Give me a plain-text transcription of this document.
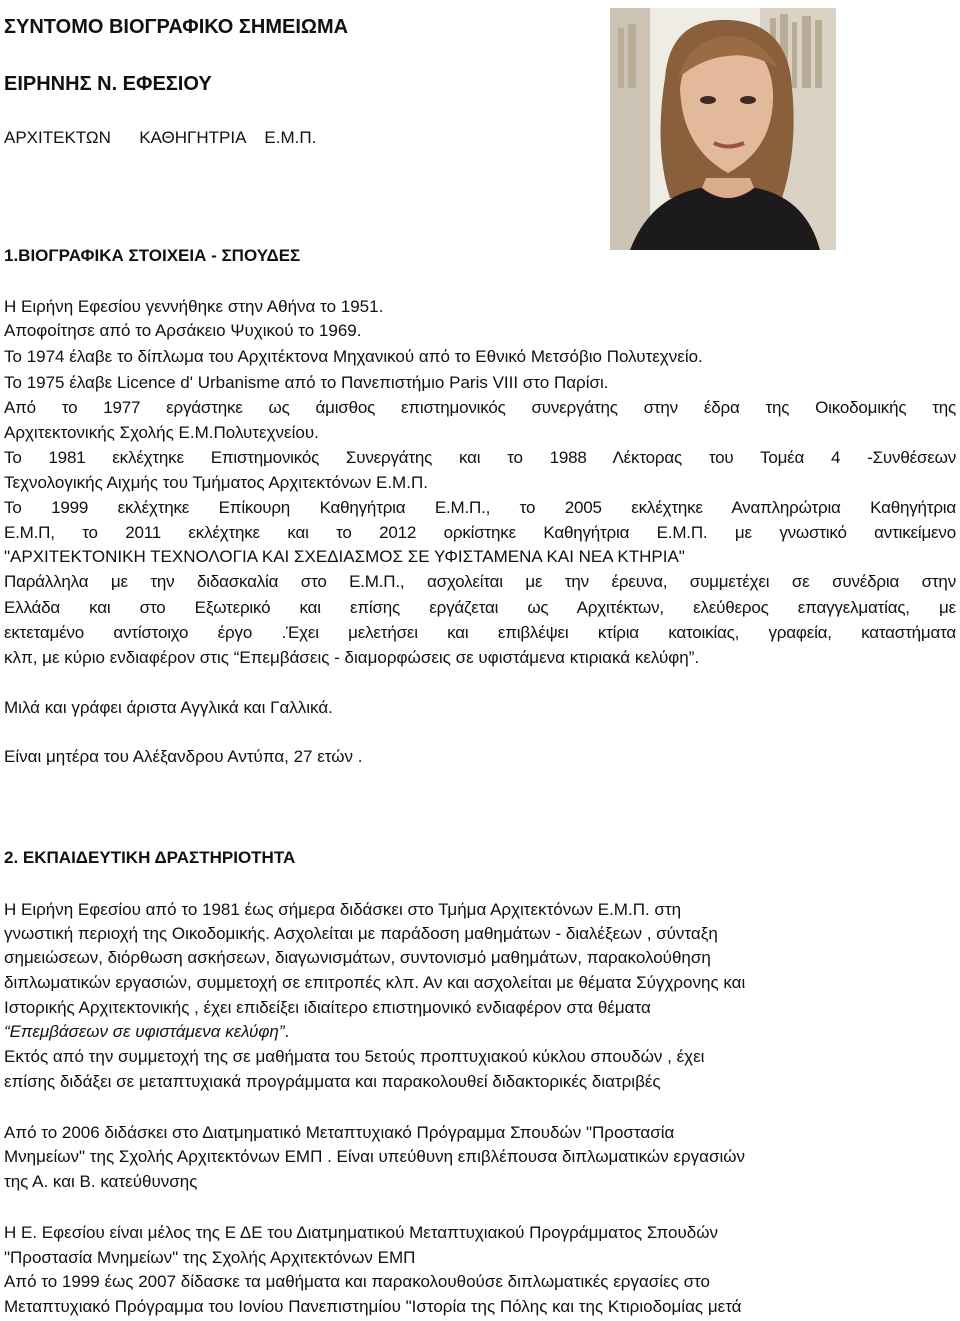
ΣΥΝΤΟΜΟ ΒΙΟΓΡΑΦΙΚΟ ΣΗΜΕΙΩΜΑ
ΕΙΡΗΝΗΣ Ν. ΕΦΕΣΙΟΥ
ΑΡΧΙΤΕΚΤΩΝ      ΚΑΘΗΓΗΤΡΙΑ    Ε.Μ.Π.
1.ΒΙΟΓΡΑΦΙΚΑ ΣΤΟΙΧΕΙΑ - ΣΠΟΥΔΕΣ
Η Ειρήνη Εφεσίου γεννήθηκε στην Αθήνα το 1951.
Αποφοίτησε από το Αρσάκειο Ψυχικού το 1969.
Το 1974 έλαβε το δίπλωμα του Αρχιτέκτονα Μηχανικού από το Εθνικό Μετσόβιο Πολυτεχνείο.
Το 1975 έλαβε Licence d' Urbanisme από το Πανεπιστήμιο Paris VIII στο Παρίσι.
Από το 1977 εργάστηκε ως άμισθος επιστημονικός συνεργάτης στην έδρα της Οικοδομικής της
Αρχιτεκτονικής Σχολής Ε.Μ.Πολυτεχνείου.
Το 1981 εκλέχτηκε Επιστημονικός Συνεργάτης και το 1988 Λέκτορας του Τομέα 4 -Συνθέσεων
Τεχνολογικής Αιχμής του Τμήματος Αρχιτεκτόνων Ε.Μ.Π.
Το 1999 εκλέχτηκε Επίκουρη Καθηγήτρια Ε.Μ.Π., το 2005 εκλέχτηκε Αναπληρώτρια Καθηγήτρια
Ε.Μ.Π, το 2011 εκλέχτηκε και το 2012 ορκίστηκε Καθηγήτρια Ε.Μ.Π. με γνωστικό αντικείμενο
"ΑΡΧΙΤΕΚΤΟΝΙΚΗ ΤΕΧΝΟΛΟΓΙΑ ΚΑΙ ΣΧΕΔΙΑΣΜΟΣ ΣΕ ΥΦΙΣΤΑΜΕΝΑ ΚΑΙ ΝΕΑ ΚΤΗΡΙΑ"
Παράλληλα με την διδασκαλία στο Ε.Μ.Π., ασχολείται με την έρευνα, συμμετέχει σε συνέδρια στην
Ελλάδα και στο Εξωτερικό και επίσης εργάζεται ως Αρχιτέκτων, ελεύθερος επαγγελματίας, με
εκτεταμένο αντίστοιχο έργο .Έχει μελετήσει και επιβλέψει κτίρια κατοικίας, γραφεία, καταστήματα
κλπ, με κύριο ενδιαφέρον στις “Επεμβάσεις - διαμορφώσεις σε υφιστάμενα κτιριακά κελύφη”.
Μιλά και γράφει άριστα Αγγλικά και Γαλλικά.
Είναι μητέρα του Αλέξανδρου Αντύπα, 27 ετών .
2. ΕΚΠΑΙΔΕΥΤΙΚΗ ΔΡΑΣΤΗΡΙΟΤΗΤΑ
Η Ειρήνη Εφεσίου από το 1981 έως σήμερα διδάσκει στο Τμήμα Αρχιτεκτόνων Ε.Μ.Π. στη
γνωστική περιοχή της Οικοδομικής. Ασχολείται με παράδοση μαθημάτων - διαλέξεων , σύνταξη
σημειώσεων, διόρθωση ασκήσεων, διαγωνισμάτων, συντονισμό μαθημάτων, παρακολούθηση
διπλωματικών εργασιών, συμμετοχή σε επιτροπές κλπ. Αν και ασχολείται με θέματα Σύγχρονης και
Ιστορικής Αρχιτεκτονικής , έχει επιδείξει ιδιαίτερο επιστημονικό ενδιαφέρον στα θέματα
“Επεμβάσεων σε υφιστάμενα κελύφη”.
Εκτός από την συμμετοχή της σε μαθήματα του 5ετούς προπτυχιακού κύκλου σπουδών , έχει
επίσης διδάξει σε μεταπτυχιακά προγράμματα και παρακολουθεί διδακτορικές διατριβές
Από το 2006 διδάσκει στο Διατμηματικό Μεταπτυχιακό Πρόγραμμα Σπουδών "Προστασία
Μνημείων" της Σχολής Αρχιτεκτόνων ΕΜΠ . Είναι υπεύθυνη επιβλέπουσα διπλωματικών εργασιών
της Α. και Β. κατεύθυνσης
Η Ε. Εφεσίου είναι μέλος της Ε ΔΕ του Διατμηματικού Μεταπτυχιακού Προγράμματος Σπουδών
"Προστασία Μνημείων" της Σχολής Αρχιτεκτόνων ΕΜΠ
Από το 1999 έως 2007 δίδασκε τα μαθήματα και παρακολουθούσε διπλωματικές εργασίες στο
Μεταπτυχιακό Πρόγραμμα του Ιονίου Πανεπιστημίου "Ιστορία της Πόλης και της Κτιριοδομίας μετά
